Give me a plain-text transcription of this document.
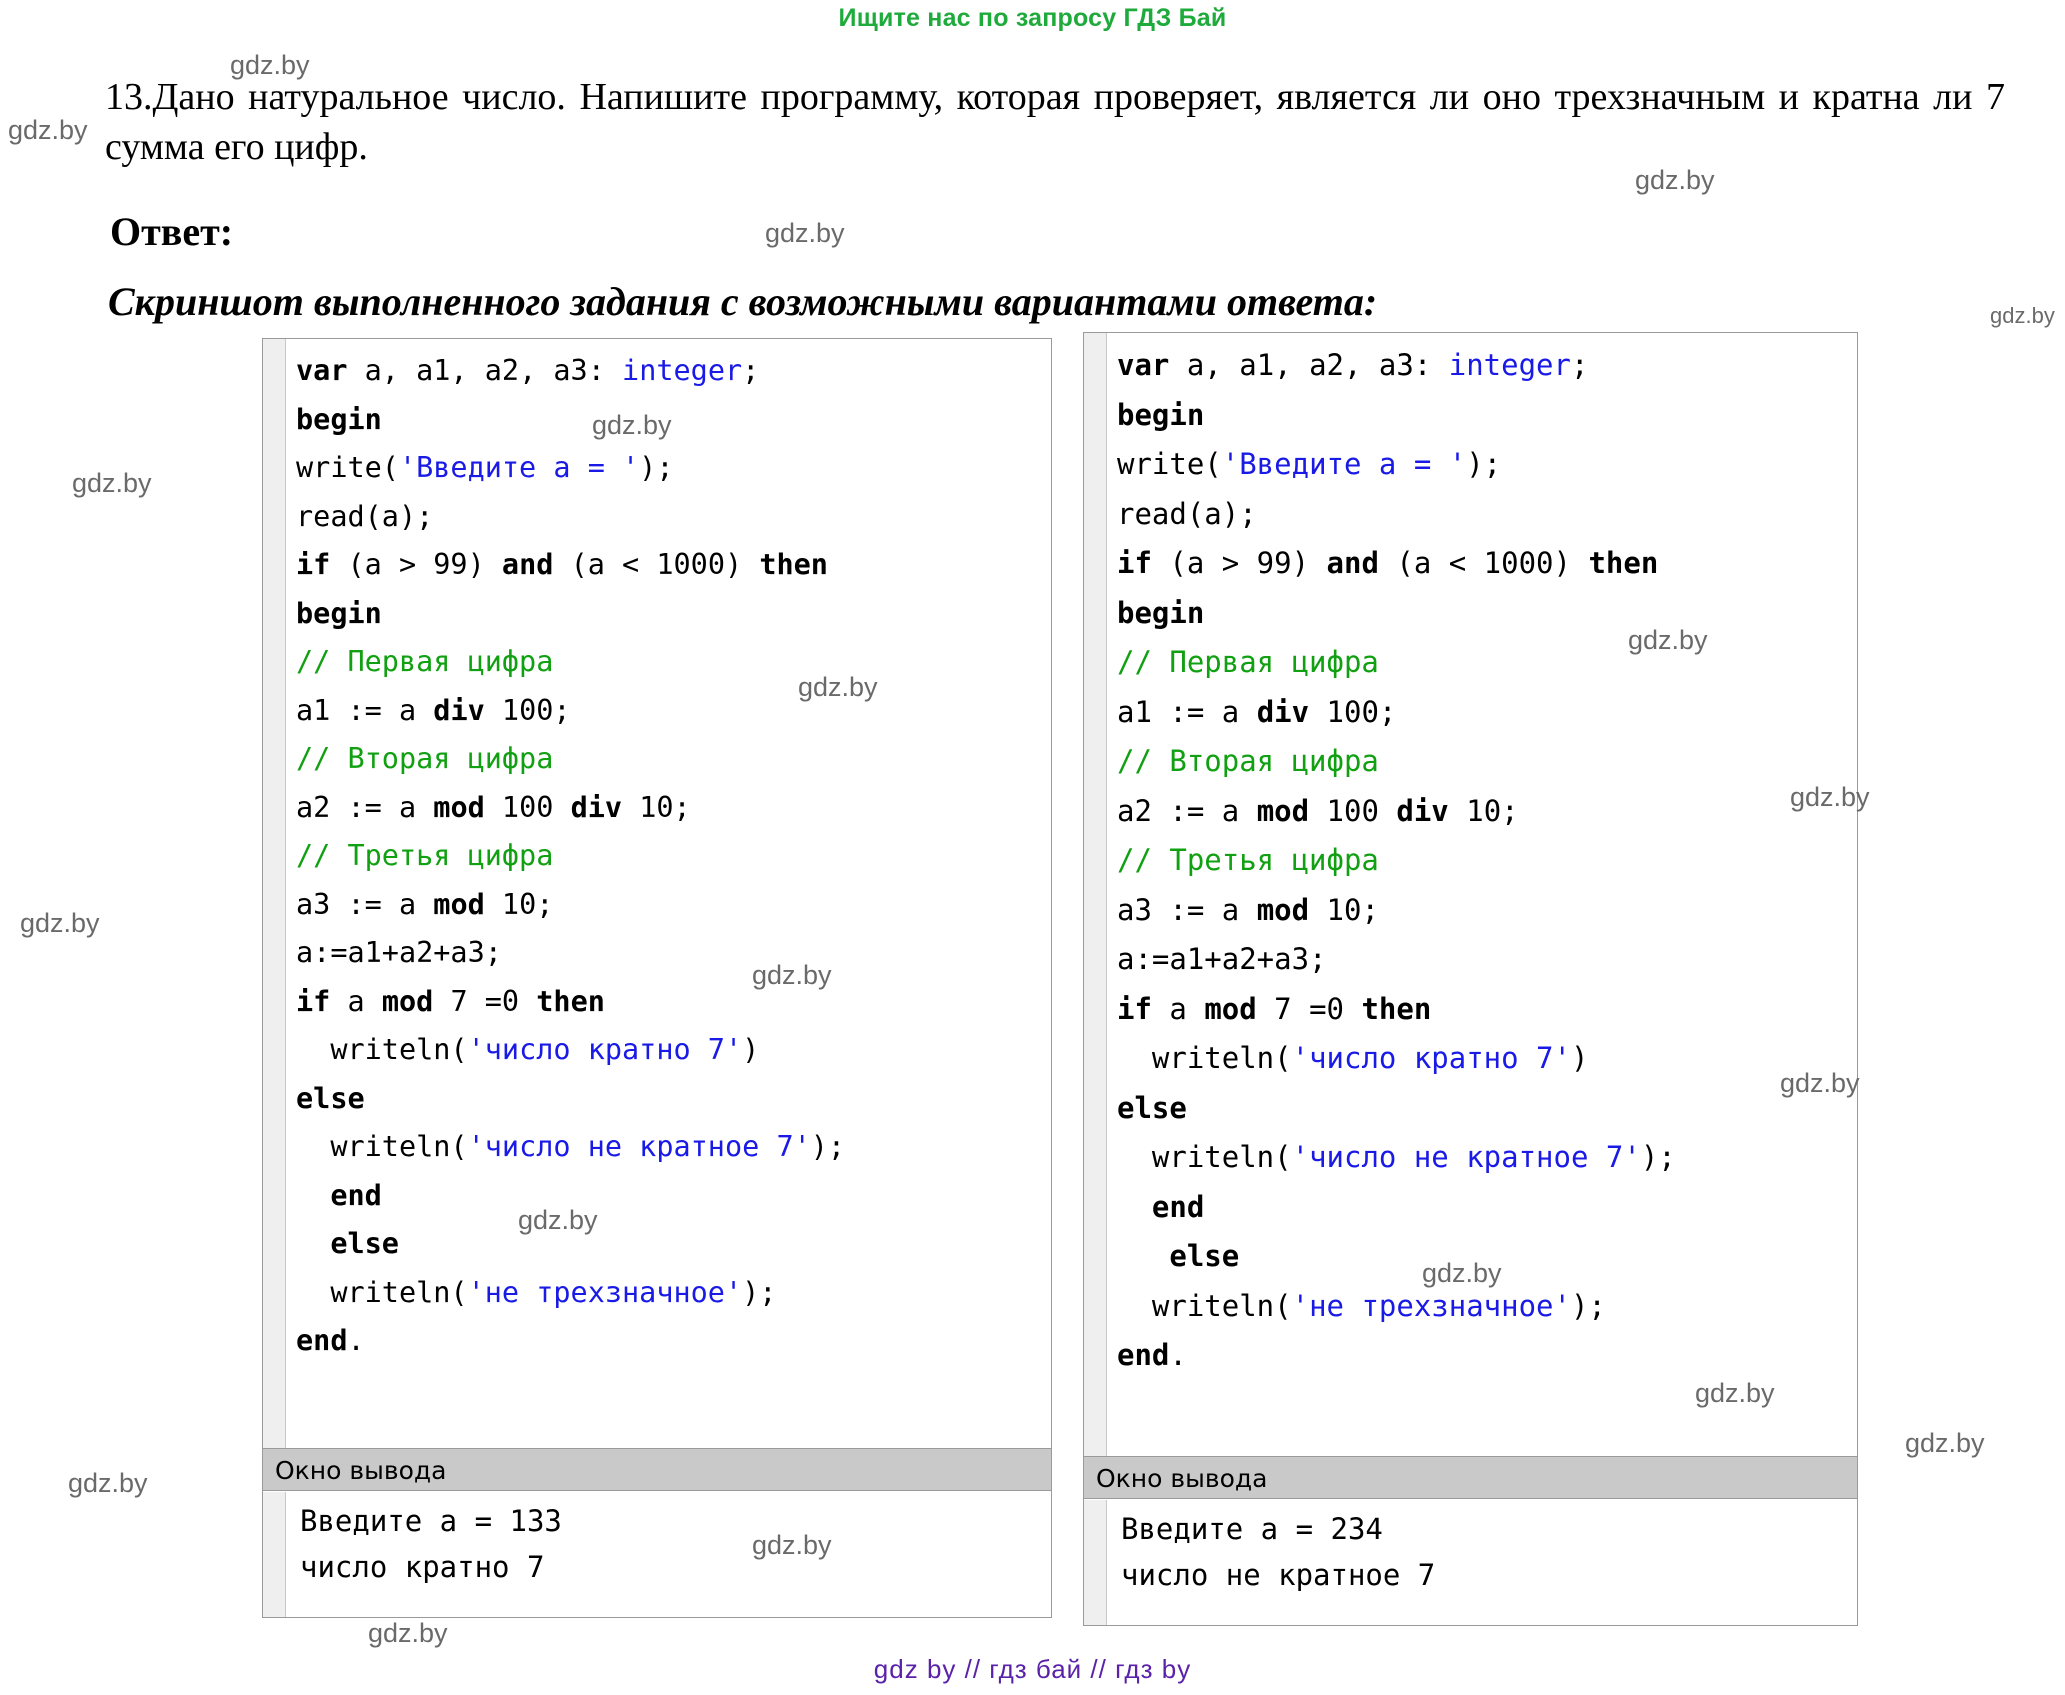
Ищите нас по запросу ГДЗ Бай
13.Дано натуральное число. Напишите программу, которая проверяет, является ли оно трехзначным и кратна ли 7 сумма его цифр.
Ответ:
Скриншот выполненного задания с возможными вариантами ответа:
var a, a1, a2, a3: integer;
begin
write('Введите a = ');
read(a);
if (a > 99) and (a < 1000) then
begin
// Первая цифра
a1 := a div 100;
// Вторая цифра
a2 := a mod 100 div 10;
// Третья цифра
a3 := a mod 10;
a:=a1+a2+a3;
if a mod 7 =0 then
writeln('число кратно 7')
else
writeln('число не кратное 7');
end
else
writeln('не трехзначное');
end.
Окно вывода
Введите a = 133
число кратно 7
var a, a1, a2, a3: integer;
begin
write('Введите a = ');
read(a);
if (a > 99) and (a < 1000) then
begin
// Первая цифра
a1 := a div 100;
// Вторая цифра
a2 := a mod 100 div 10;
// Третья цифра
a3 := a mod 10;
a:=a1+a2+a3;
if a mod 7 =0 then
writeln('число кратно 7')
else
writeln('число не кратное 7');
end
else
writeln('не трехзначное');
end.
Окно вывода
Введите a = 234
число не кратное 7
gdz.by
gdz.by
gdz.by
gdz.by
gdz.by
gdz.by
gdz.by
gdz.by
gdz.by
gdz.by
gdz.by
gdz.by
gdz.by
gdz.by
gdz.by
gdz.by
gdz.by
gdz.by
gdz.by
gdz.by
gdz by // гдз бай // гдз by
